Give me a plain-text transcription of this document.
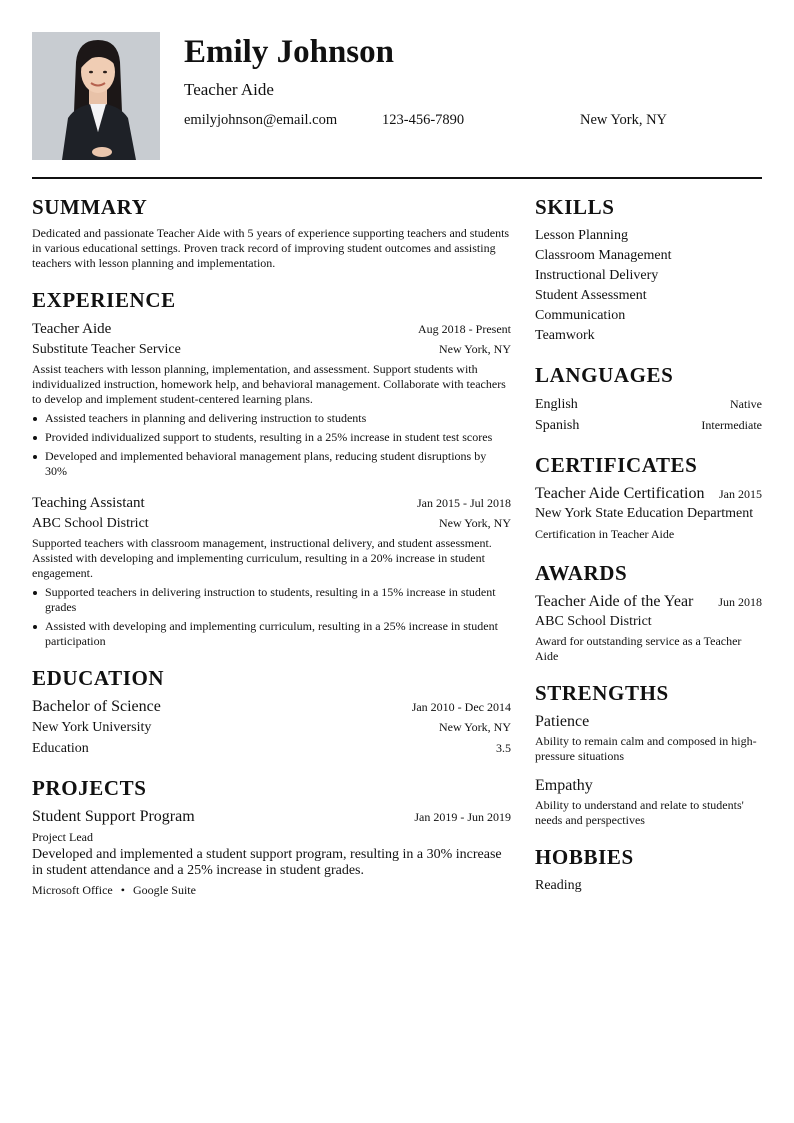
Emily Johnson
Teacher Aide
emilyjohnson@email.com	123-456-7890	New York, NY
SUMMARY
Dedicated and passionate Teacher Aide with 5 years of experience supporting teachers and students in various educational settings. Proven track record of improving student outcomes and assisting teachers with lesson planning and implementation.
EXPERIENCE
Teacher Aide	Aug 2018 - Present
Substitute Teacher Service	New York, NY
Assist teachers with lesson planning, implementation, and assessment. Support students with individualized instruction, homework help, and behavioral management. Collaborate with teachers to develop and implement student-centered learning plans.
Assisted teachers in planning and delivering instruction to students
Provided individualized support to students, resulting in a 25% increase in student test scores
Developed and implemented behavioral management plans, reducing student disruptions by 30%
Teaching Assistant	Jan 2015 - Jul 2018
ABC School District	New York, NY
Supported teachers with classroom management, instructional delivery, and student assessment. Assisted with developing and implementing curriculum, resulting in a 20% increase in student engagement.
Supported teachers in delivering instruction to students, resulting in a 15% increase in student grades
Assisted with developing and implementing curriculum, resulting in a 25% increase in student participation
EDUCATION
Bachelor of Science	Jan 2010 - Dec 2014
New York University	New York, NY
Education	3.5
PROJECTS
Student Support Program	Jan 2019 - Jun 2019
Project Lead
Developed and implemented a student support program, resulting in a 30% increase in student attendance and a 25% increase in student grades.
Microsoft Office • Google Suite
SKILLS
Lesson Planning
Classroom Management
Instructional Delivery
Student Assessment
Communication
Teamwork
LANGUAGES
English	Native
Spanish	Intermediate
CERTIFICATES
Teacher Aide Certification Jan 2015
New York State Education Department
Certification in Teacher Aide
AWARDS
Teacher Aide of the Year Jun 2018
ABC School District
Award for outstanding service as a Teacher Aide
STRENGTHS
Patience
Ability to remain calm and composed in high-pressure situations
Empathy
Ability to understand and relate to students' needs and perspectives
HOBBIES
Reading
